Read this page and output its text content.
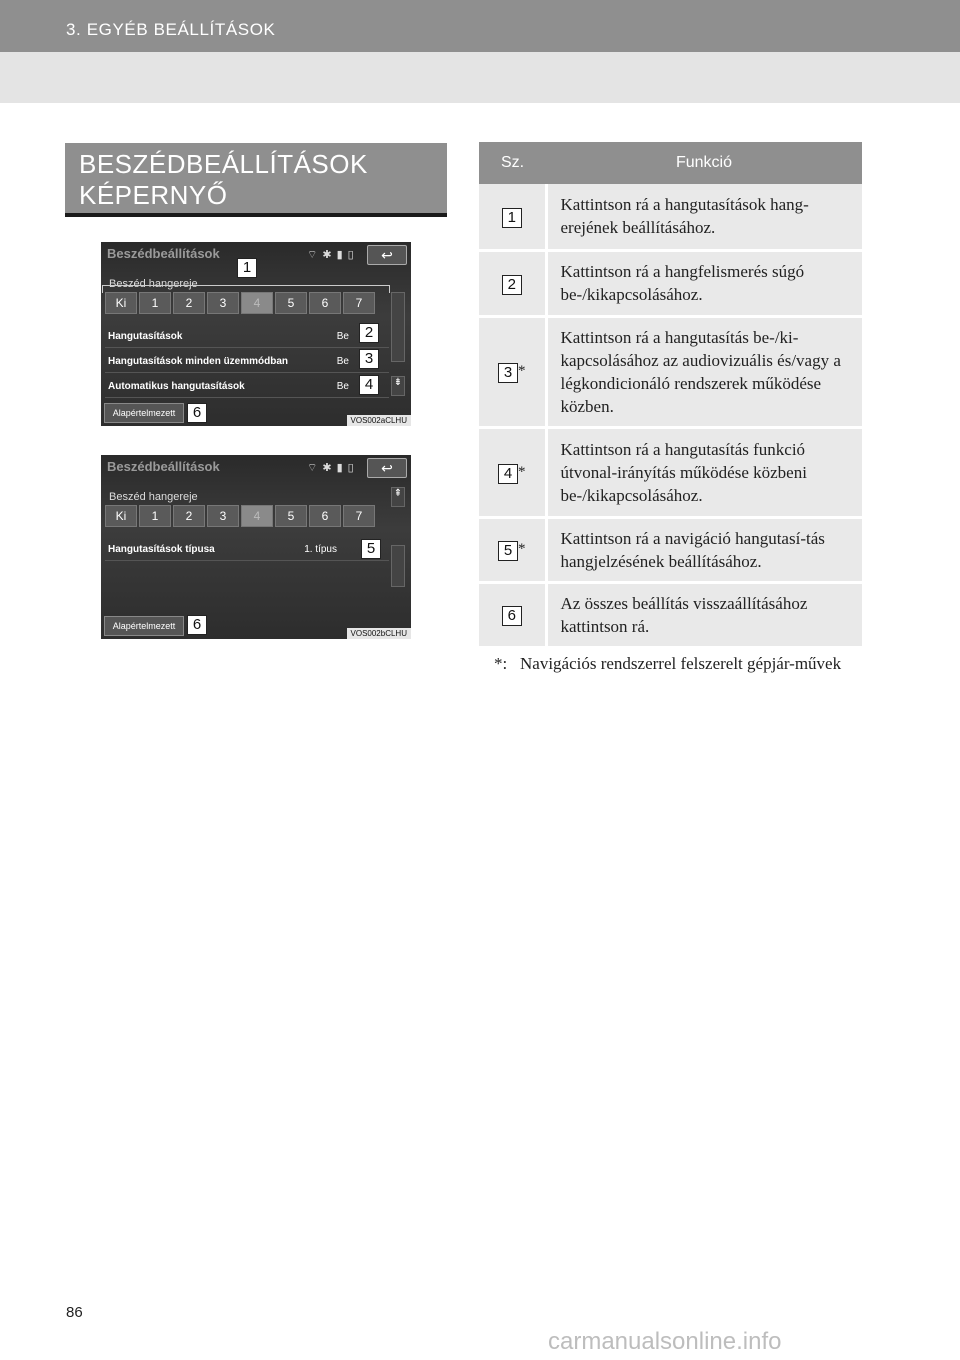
3. EGYÉB BEÁLLÍTÁSOK
BESZÉDBEÁLLÍTÁSOK
KÉPERNYŐ
Beszédbeállítások	⌔ ✱ ▮ ▯	↩
Beszéd hangereje
Ki	1	2	3	4	5	6	7
Hangutasítások	Be
Hangutasítások minden üzemmódban	Be
Automatikus hangutasítások	Be
Alapértelmezett
⇟
VOS002aCLHU
1
2
3
4
6
Beszédbeállítások	⌔ ✱ ▮ ▯	↩
Beszéd hangereje
Ki	1	2	3	4	5	6	7
Hangutasítások típusa	1. típus
Alapértelmezett
⇞
VOS002bCLHU
5
6
Sz.	Funkció
1	Kattintson rá a hangutasítások hang-erejének beállításához.
2	Kattintson rá a hangfelismerés súgó be-/kikapcsolásához.
3 *	Kattintson rá a hangutasítás be-/ki-kapcsolásához az audiovizuális és/vagy a légkondicionáló rendszerek működése közben.
4 *	Kattintson rá a hangutasítás funkció útvonal-irányítás működése közbeni be-/kikapcsolásához.
5 *	Kattintson rá a navigáció hangutasí-tás hangjelzésének beállításához.
6	Az összes beállítás visszaállításához kattintson rá.
*: Navigációs rendszerrel felszerelt gépjár-művek
86
carmanualsonline.info
